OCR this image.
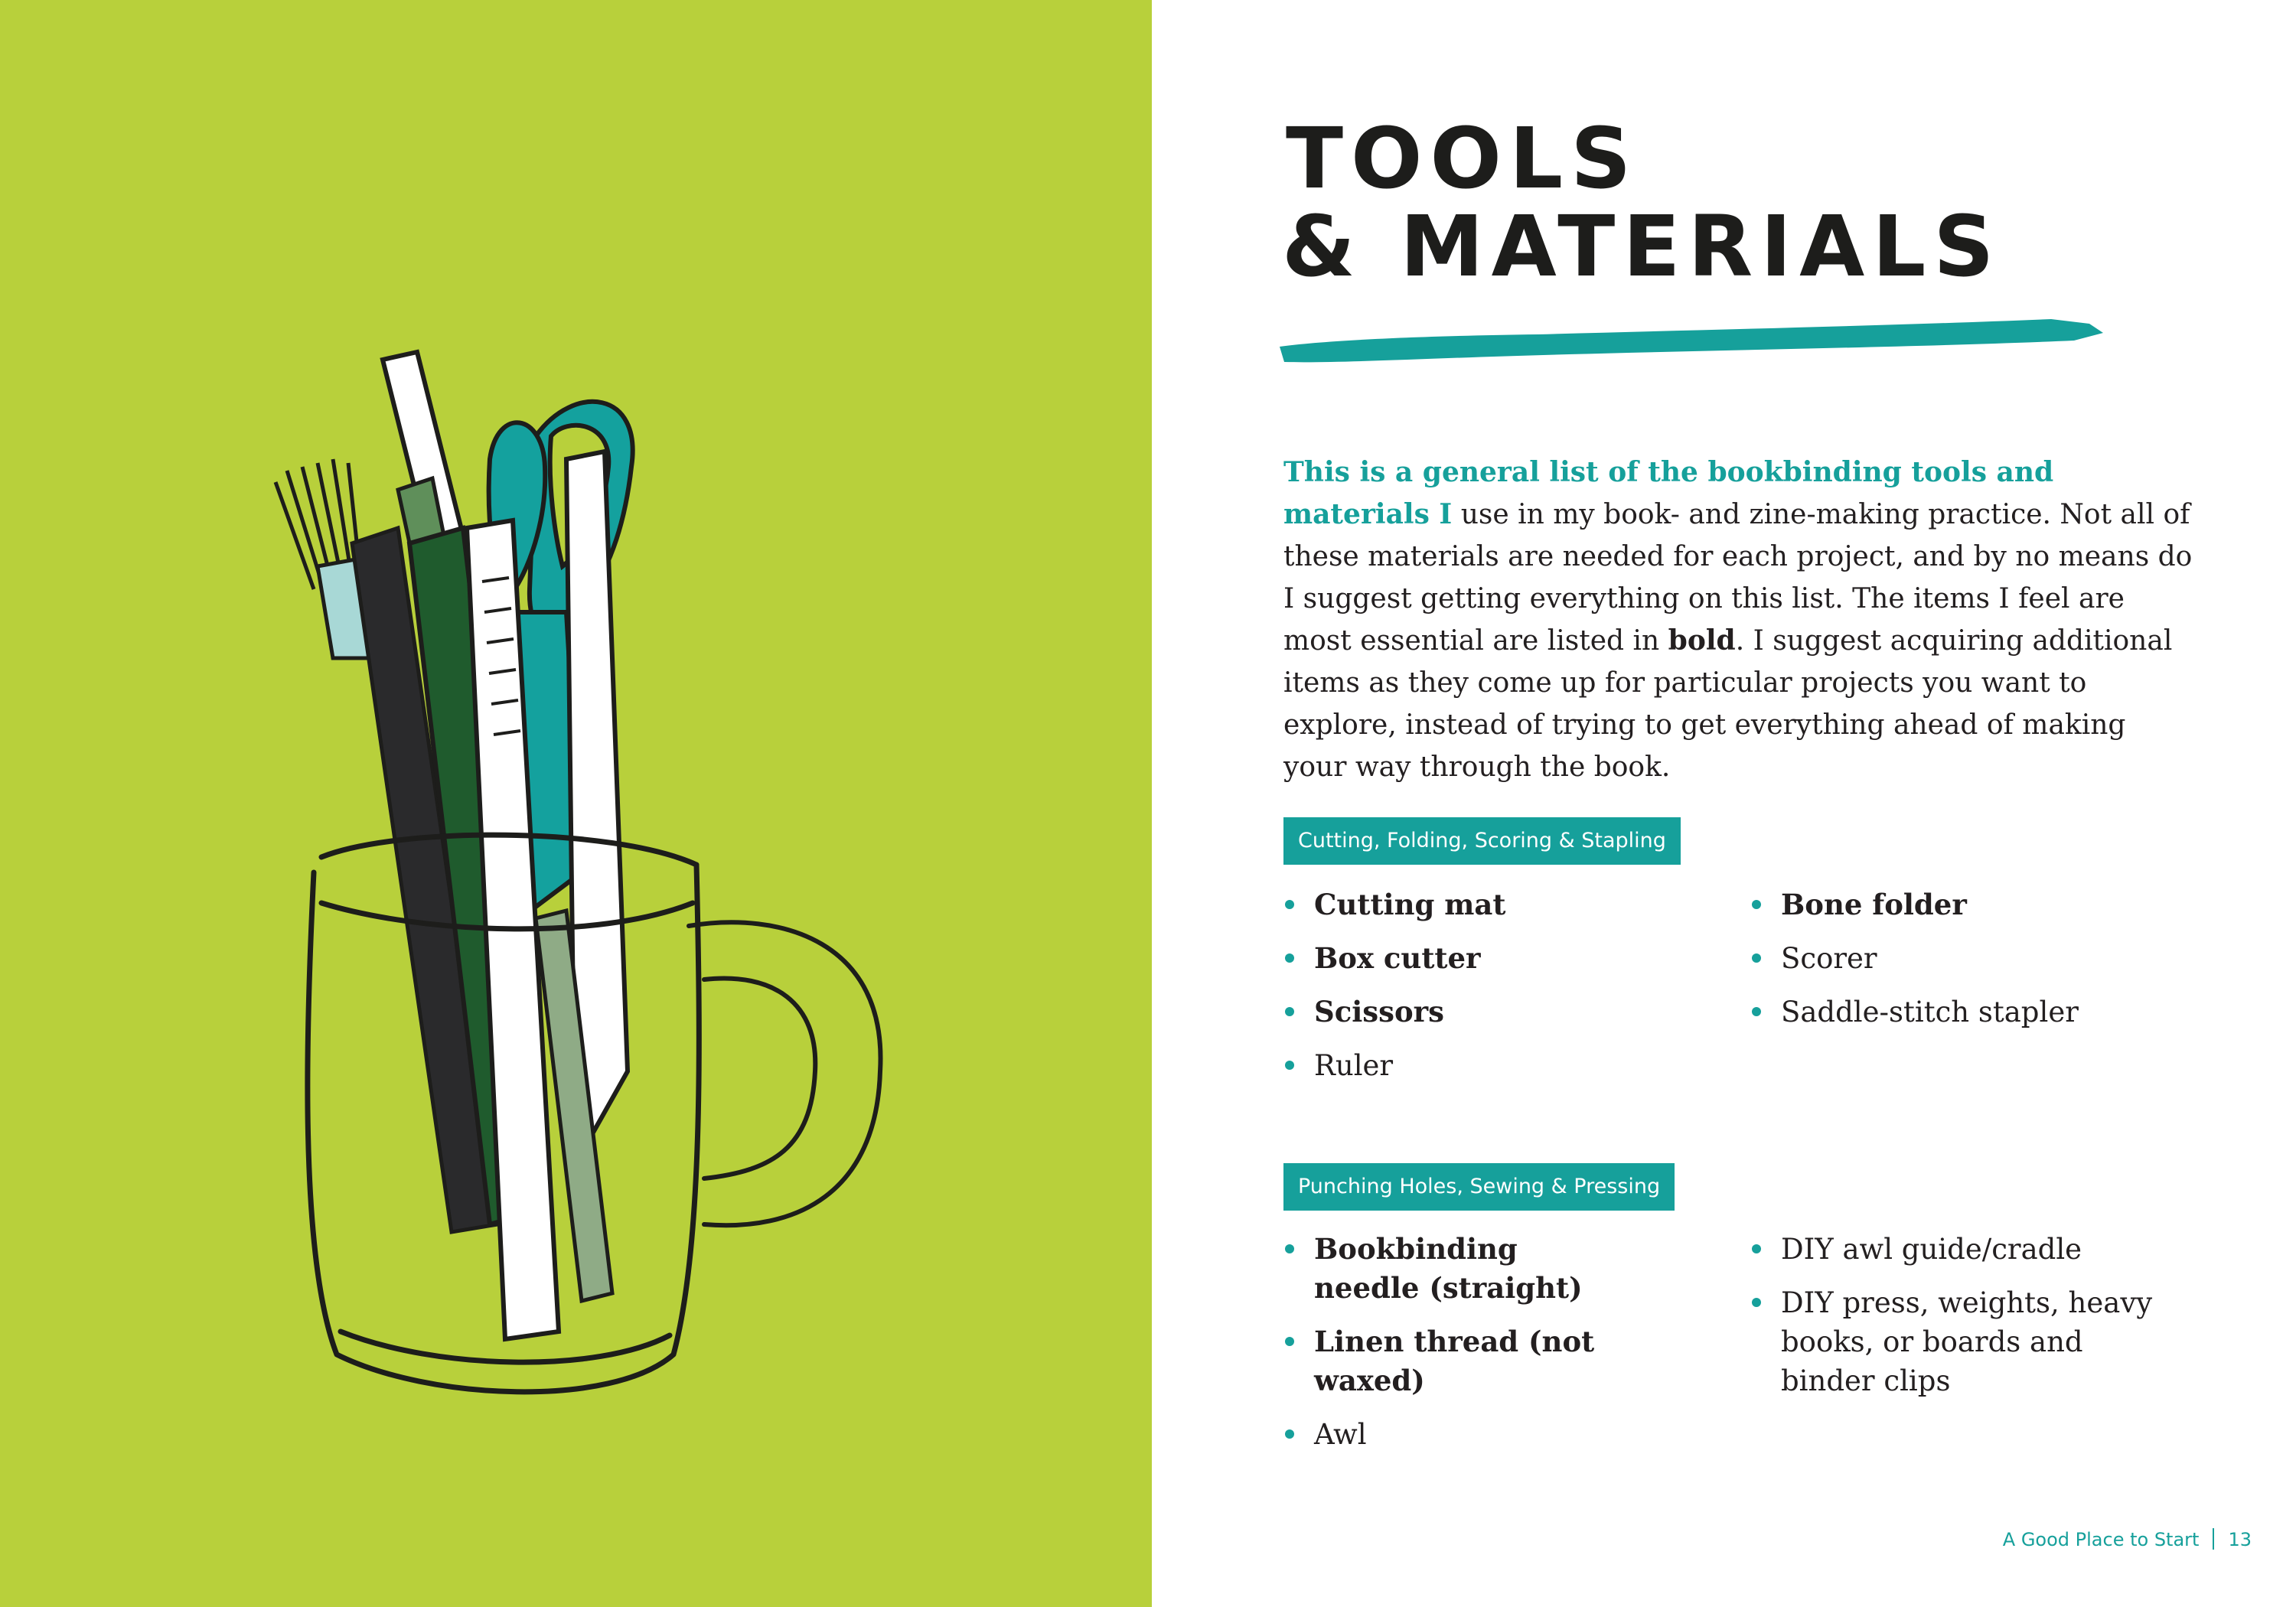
TOOLS
& MATERIALS

This is a general list of the bookbinding tools and materials I use in my book- and zine-making practice. Not all of these materials are needed for each project, and by no means do I suggest getting everything on this list. The items I feel are most essential are listed in bold. I suggest acquiring additional items as they come up for particular projects you want to explore, instead of trying to get everything ahead of making your way through the book.

Cutting, Folding, Scoring & Stapling
Cutting mat
Box cutter
Scissors
Ruler
Bone folder
Scorer
Saddle-stitch stapler
Punching Holes, Sewing & Pressing
Bookbinding needle (straight)
Linen thread (not waxed)
Awl
DIY awl guide/cradle
DIY press, weights, heavy books, or boards and binder clips
A Good Place to Start 13
